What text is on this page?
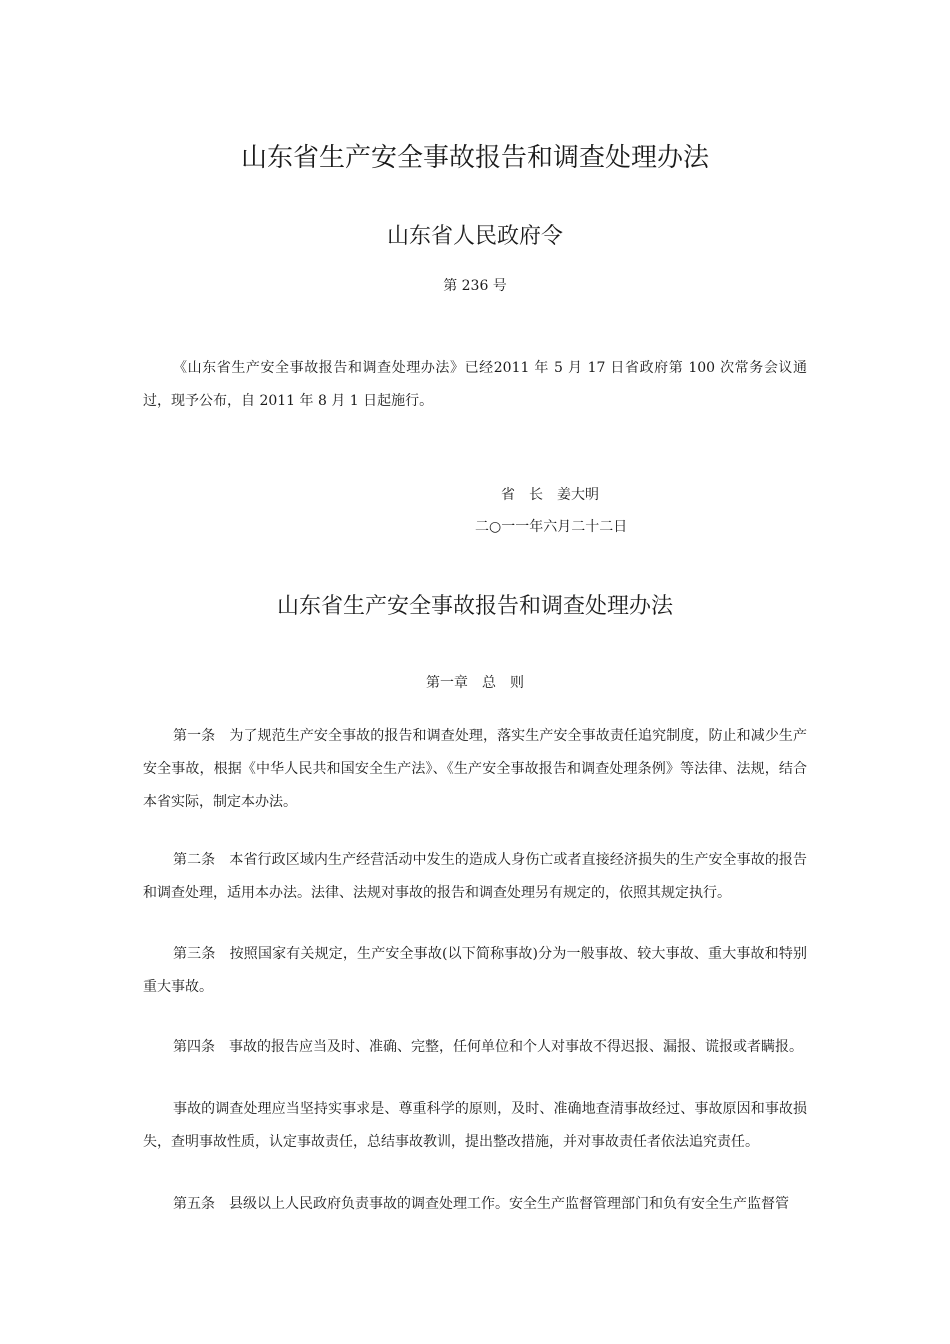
山东省生产安全事故报告和调查处理办法
山东省人民政府令
第 236 号

《山东省生产安全事故报告和调查处理办法》已经2011 年 5 月 17 日省政府第 100 次常务会议通过，现予公布，自 2011 年 8 月 1 日起施行。

省　长　姜大明
二○一一年六月二十二日
山东省生产安全事故报告和调查处理办法
第一章　总　则

第一条　为了规范生产安全事故的报告和调查处理，落实生产安全事故责任追究制度，防止和减少生产安全事故，根据《中华人民共和国安全生产法》、《生产安全事故报告和调查处理条例》等法律、法规，结合本省实际，制定本办法。

第二条　本省行政区域内生产经营活动中发生的造成人身伤亡或者直接经济损失的生产安全事故的报告和调查处理，适用本办法。法律、法规对事故的报告和调查处理另有规定的，依照其规定执行。

第三条　按照国家有关规定，生产安全事故(以下简称事故)分为一般事故、较大事故、重大事故和特别重大事故。

第四条　事故的报告应当及时、准确、完整，任何单位和个人对事故不得迟报、漏报、谎报或者瞒报。

事故的调查处理应当坚持实事求是、尊重科学的原则，及时、准确地查清事故经过、事故原因和事故损失，查明事故性质，认定事故责任，总结事故教训，提出整改措施，并对事故责任者依法追究责任。

第五条　县级以上人民政府负责事故的调查处理工作。安全生产监督管理部门和负有安全生产监督管
